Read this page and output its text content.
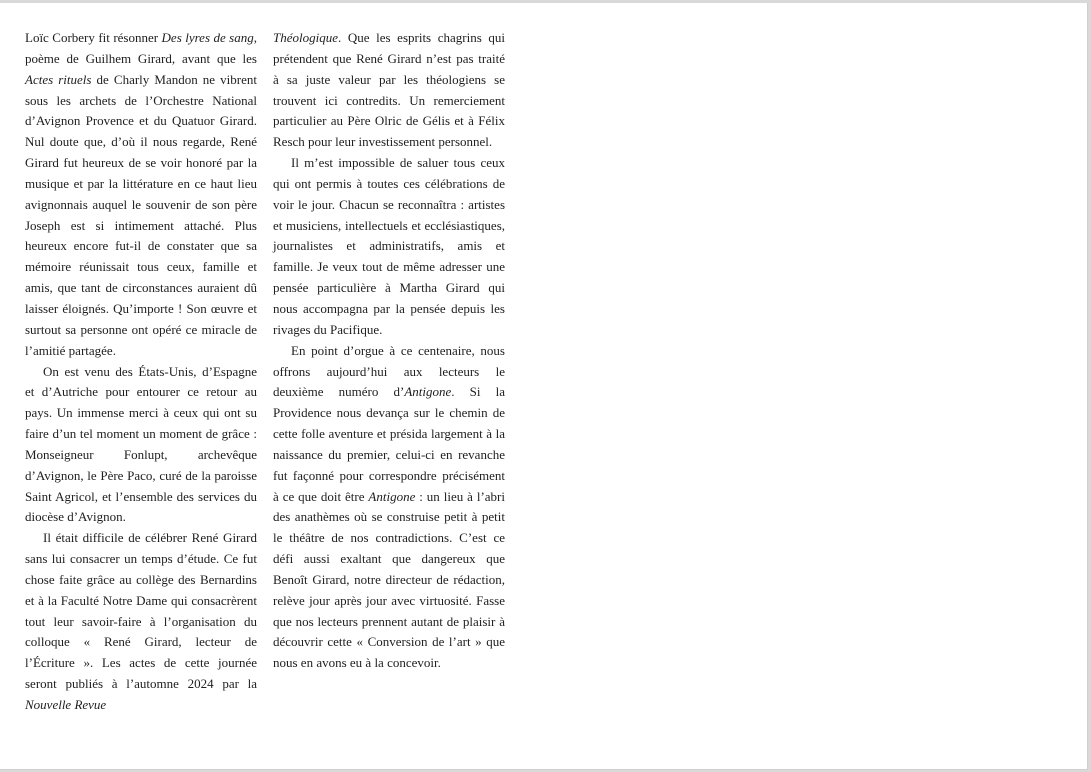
Loïc Corbery fit résonner Des lyres de sang, poème de Guilhem Girard, avant que les Actes rituels de Charly Mandon ne vibrent sous les archets de l’Orchestre National d’Avignon Provence et du Quatuor Girard. Nul doute que, d’où il nous regarde, René Girard fut heureux de se voir honoré par la musique et par la littérature en ce haut lieu avignonnais auquel le souvenir de son père Joseph est si intimement attaché. Plus heureux encore fut-il de constater que sa mémoire réunissait tous ceux, famille et amis, que tant de circonstances auraient dû laisser éloignés. Qu’importe ! Son œuvre et surtout sa personne ont opéré ce miracle de l’amitié partagée.

On est venu des États-Unis, d’Espagne et d’Autriche pour entourer ce retour au pays. Un immense merci à ceux qui ont su faire d’un tel moment un moment de grâce : Monseigneur Fonlupt, archevêque d’Avignon, le Père Paco, curé de la paroisse Saint Agricol, et l’ensemble des services du diocèse d’Avignon.

Il était difficile de célébrer René Girard sans lui consacrer un temps d’étude. Ce fut chose faite grâce au collège des Bernardins et à la Faculté Notre Dame qui consacrèrent tout leur savoir-faire à l’organisation du colloque « René Girard, lecteur de l’Écriture ». Les actes de cette journée seront publiés à l’automne 2024 par la Nouvelle Revue

Théologique. Que les esprits chagrins qui prétendent que René Girard n’est pas traité à sa juste valeur par les théologiens se trouvent ici contredits. Un remerciement particulier au Père Olric de Gélis et à Félix Resch pour leur investissement personnel.

Il m’est impossible de saluer tous ceux qui ont permis à toutes ces célébrations de voir le jour. Chacun se reconnaîtra : artistes et musiciens, intellectuels et ecclésiastiques, journalistes et administratifs, amis et famille. Je veux tout de même adresser une pensée particulière à Martha Girard qui nous accompagna par la pensée depuis les rivages du Pacifique.

En point d’orgue à ce centenaire, nous offrons aujourd’hui aux lecteurs le deuxième numéro d’Antigone. Si la Providence nous devança sur le chemin de cette folle aventure et présida largement à la naissance du premier, celui-ci en revanche fut façonné pour correspondre précisément à ce que doit être Antigone : un lieu à l’abri des anathèmes où se construise petit à petit le théâtre de nos contradictions. C’est ce défi aussi exaltant que dangereux que Benoît Girard, notre directeur de rédaction, relève jour après jour avec virtuosité. Fasse que nos lecteurs prennent autant de plaisir à découvrir cette « Conversion de l’art » que nous en avons eu à la concevoir.
